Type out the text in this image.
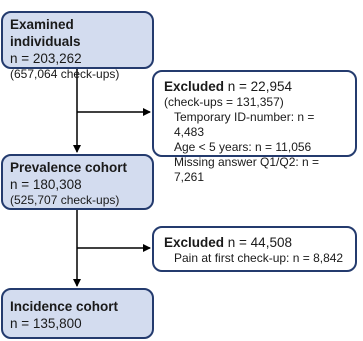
Examined individuals
n = 203,262
(657,064 check-ups)
Excluded n = 22,954
(check-ups = 131,357)
Temporary ID-number: n = 4,483
Age < 5 years: n = 11,056
Missing answer Q1/Q2: n = 7,261
Prevalence cohort
n = 180,308
(525,707 check-ups)
Excluded n = 44,508
Pain at first check-up: n = 8,842
Incidence cohort
n = 135,800
